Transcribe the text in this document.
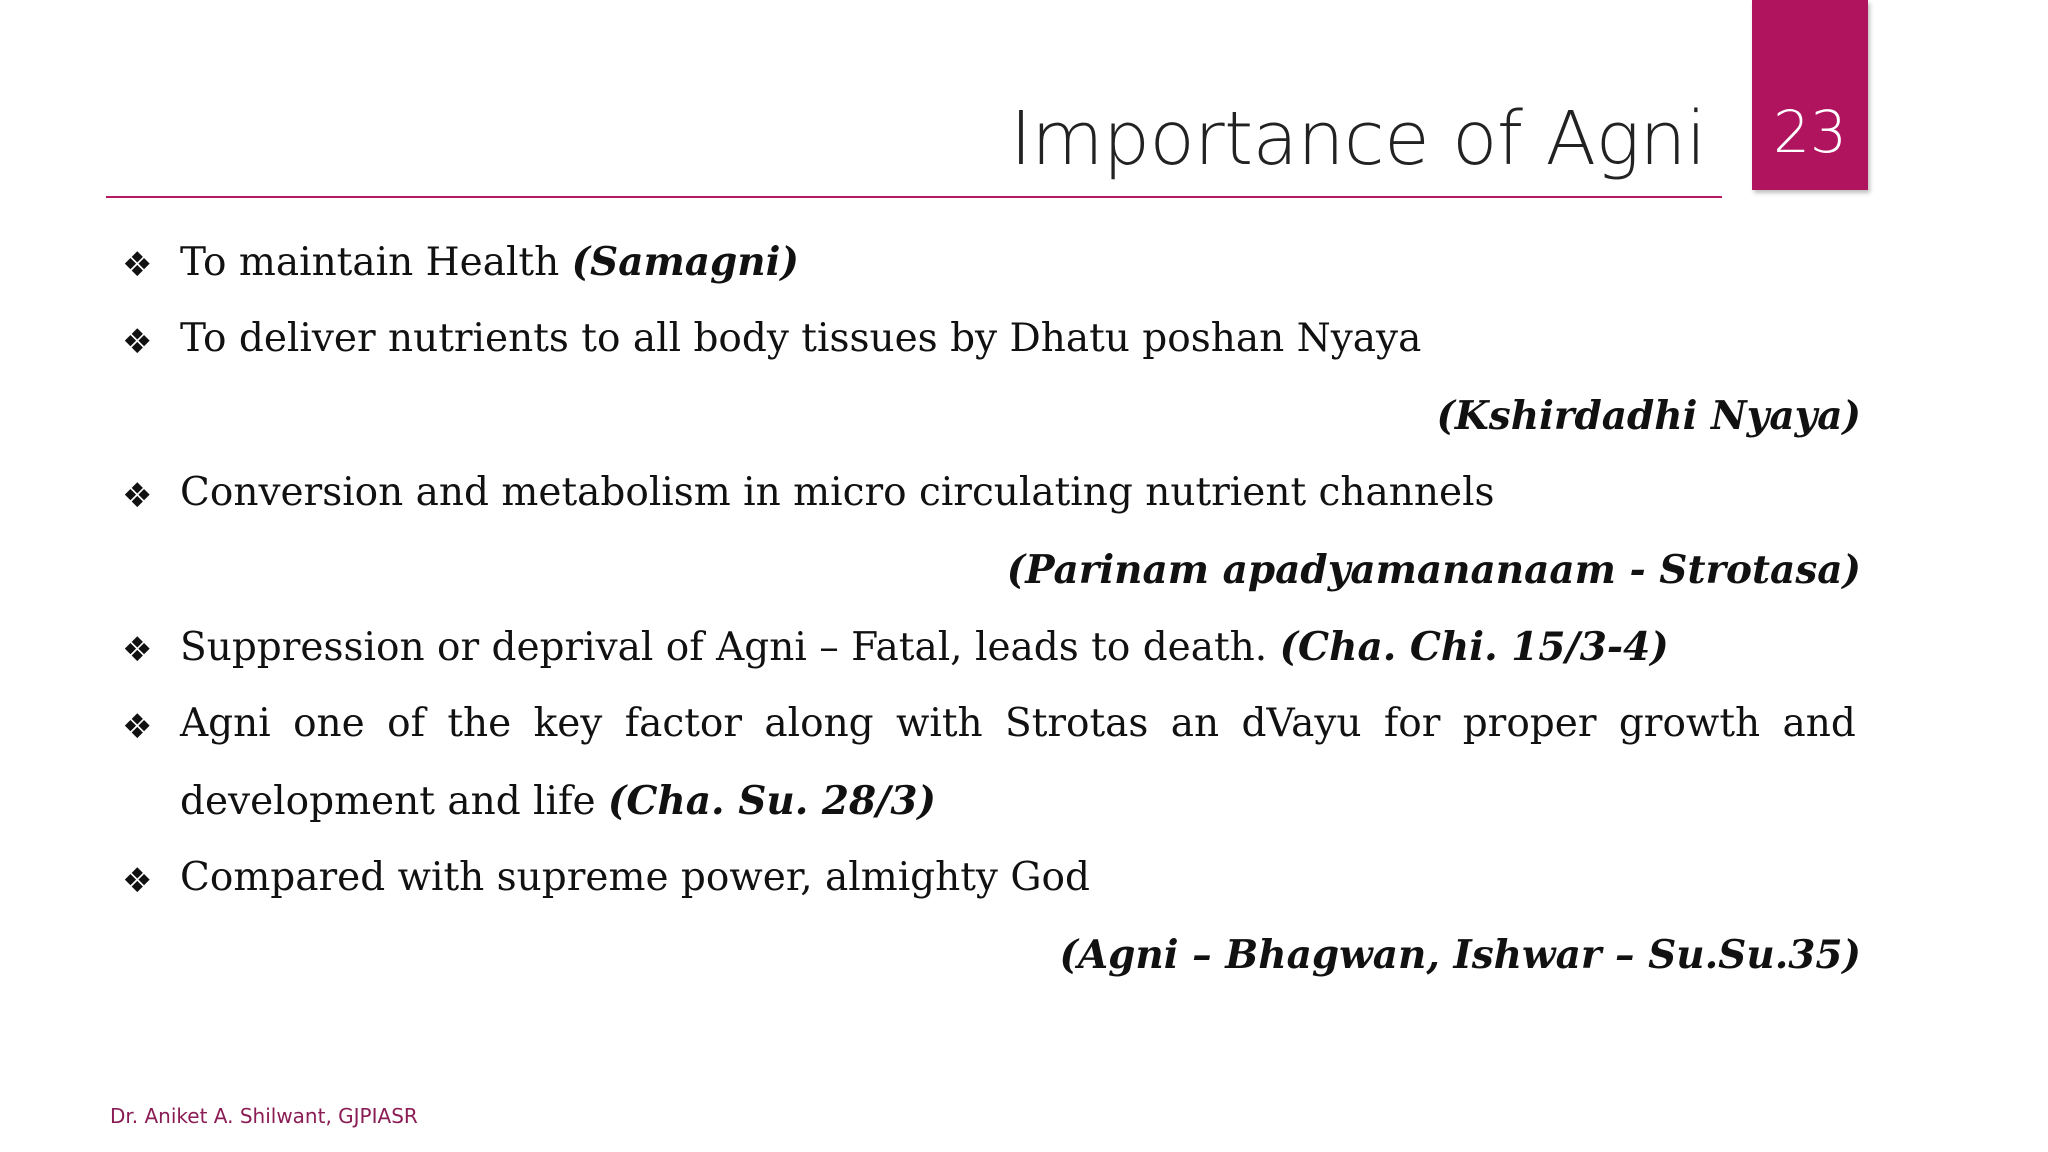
Importance of Agni	23
❖ To maintain Health (Samagni)
❖ To deliver nutrients to all body tissues by Dhatu poshan Nyaya
(Kshirdadhi Nyaya)
❖ Conversion and metabolism in micro circulating nutrient channels
(Parinam apadyamananaam - Strotasa)
❖ Suppression or deprival of Agni – Fatal, leads to death. (Cha. Chi. 15/3-4)
❖ Agni one of the key factor along with Strotas an dVayu for proper growth and
development and life (Cha. Su. 28/3)
❖ Compared with supreme power, almighty God
(Agni – Bhagwan, Ishwar – Su.Su.35)
Dr. Aniket A. Shilwant, GJPIASR
